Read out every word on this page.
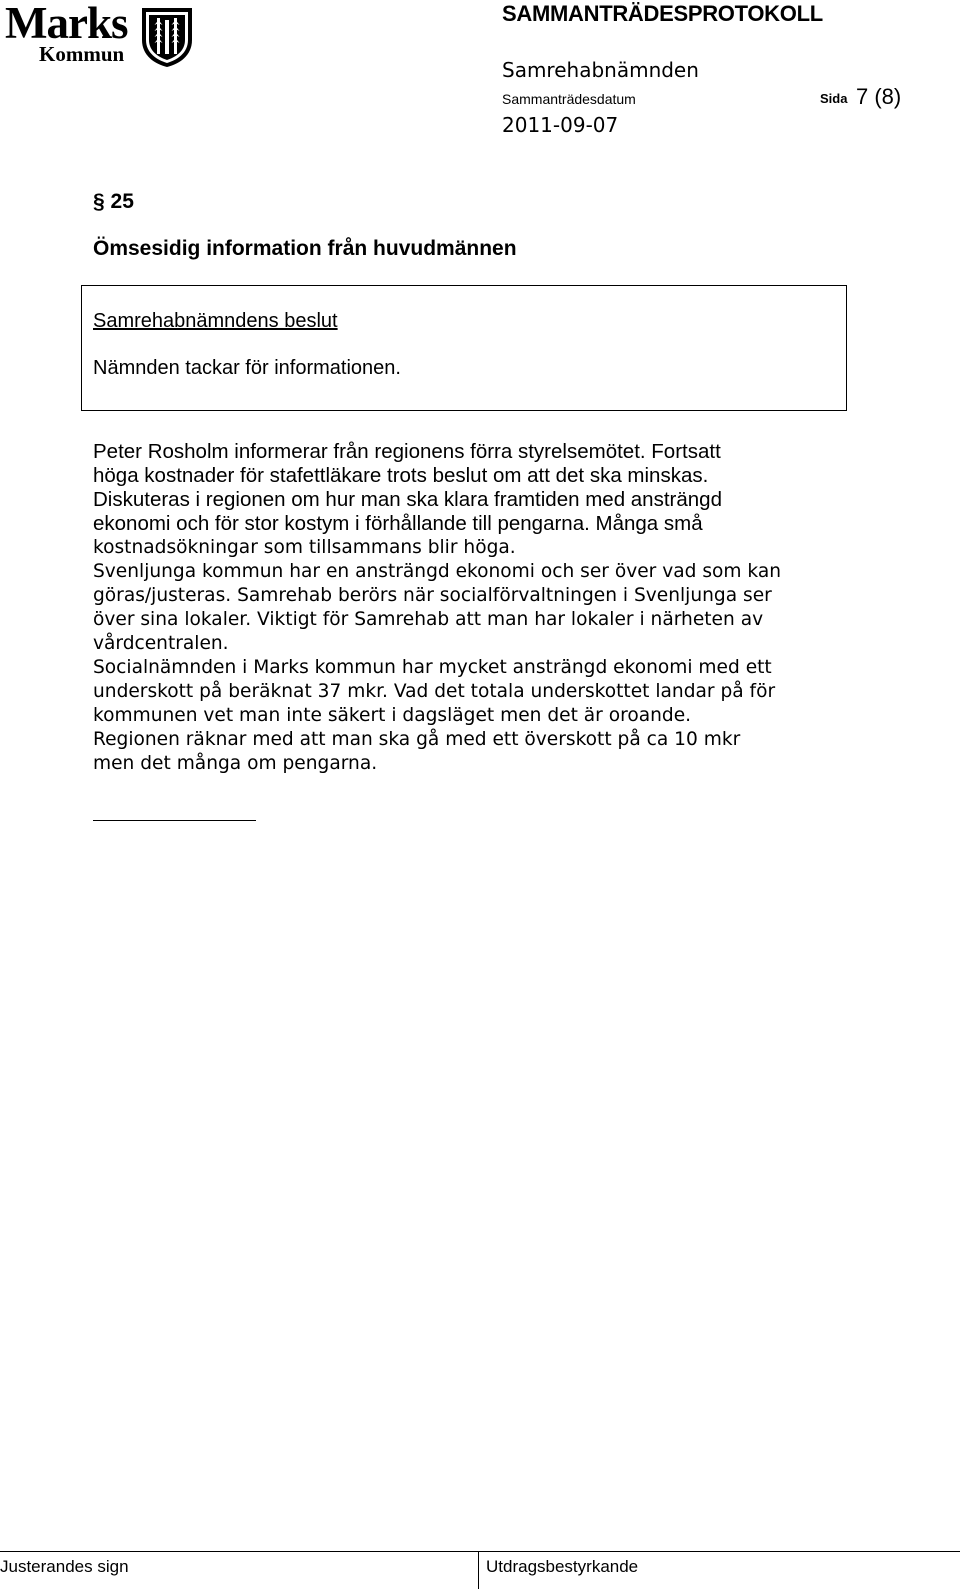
Marks
Kommun
SAMMANTRÄDESPROTOKOLL
Samrehabnämnden
Sammanträdesdatum	Sida 7 (8)
2011-09-07
§ 25
Ömsesidig information från huvudmännen
Samrehabnämndens beslut
Nämnden tackar för informationen.
Peter Rosholm informerar från regionens förra styrelsemötet. Fortsatt
höga kostnader för stafettläkare trots beslut om att det ska minskas.
Diskuteras i regionen om hur man ska klara framtiden med ansträngd
ekonomi och för stor kostym i förhållande till pengarna. Många små
kostnadsökningar som tillsammans blir höga.
Svenljunga kommun har en ansträngd ekonomi och ser över vad som kan
göras/justeras. Samrehab berörs när socialförvaltningen i Svenljunga ser
över sina lokaler. Viktigt för Samrehab att man har lokaler i närheten av
vårdcentralen.
Socialnämnden i Marks kommun har mycket ansträngd ekonomi med ett
underskott på beräknat 37 mkr. Vad det totala underskottet landar på för
kommunen vet man inte säkert i dagsläget men det är oroande.
Regionen räknar med att man ska gå med ett överskott på ca 10 mkr
men det många om pengarna.
Justerandes sign	Utdragsbestyrkande
